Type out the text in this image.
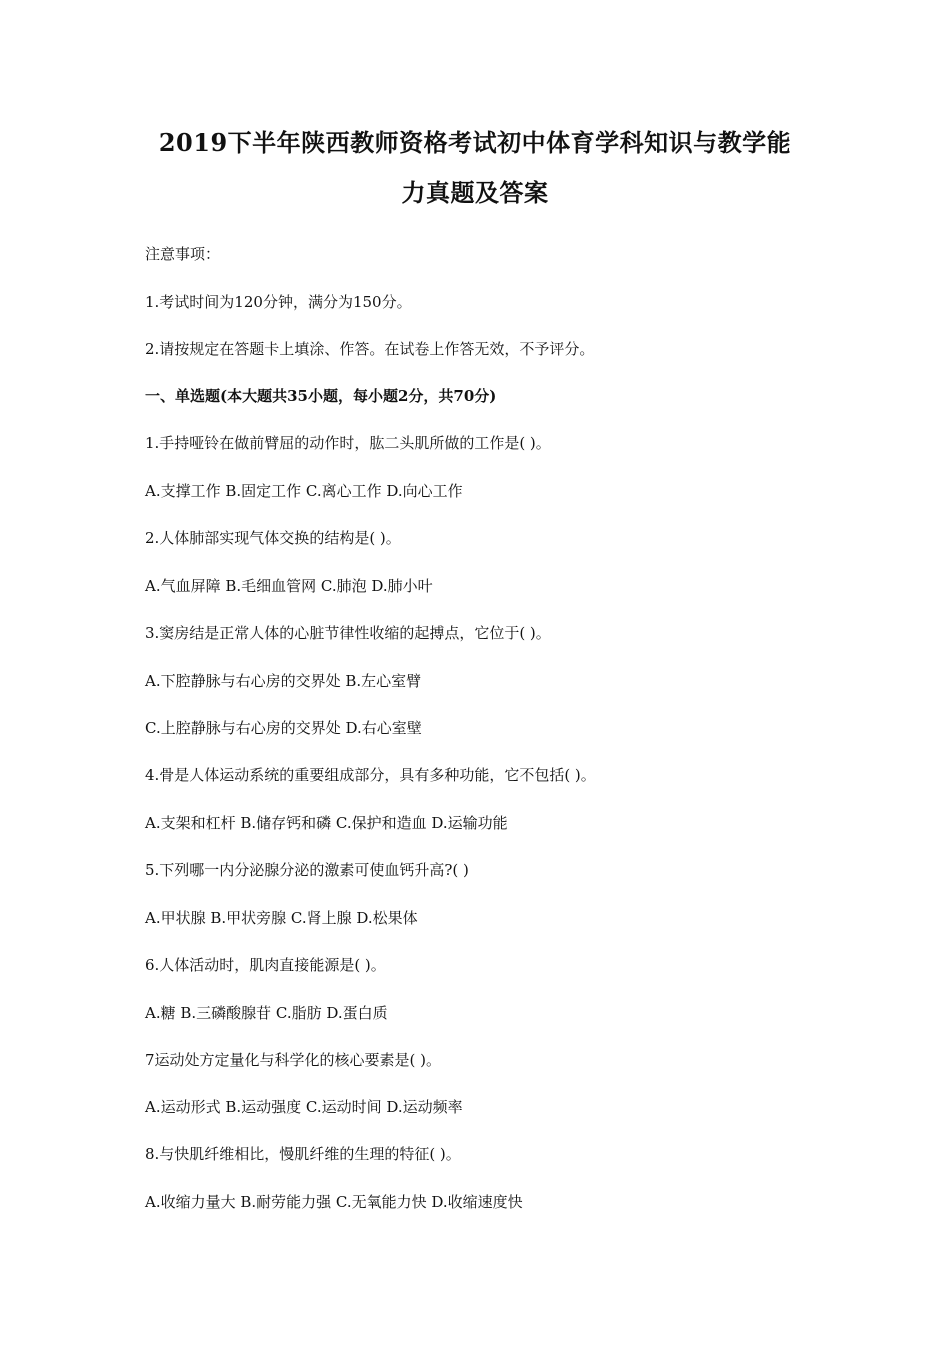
2019下半年陕西教师资格考试初中体育学科知识与教学能
力真题及答案
注意事项：
1.考试时间为120分钟，满分为150分。
2.请按规定在答题卡上填涂、作答。在试卷上作答无效，不予评分。
一、单选题(本大题共35小题，每小题2分，共70分)
1.手持哑铃在做前臂屈的动作时，肱二头肌所做的工作是( )。
A.支撑工作 B.固定工作 C.离心工作 D.向心工作
2.人体肺部实现气体交换的结构是( )。
A.气血屏障 B.毛细血管网 C.肺泡 D.肺小叶
3.窦房结是正常人体的心脏节律性收缩的起搏点，它位于( )。
A.下腔静脉与右心房的交界处 B.左心室臂
C.上腔静脉与右心房的交界处 D.右心室壁
4.骨是人体运动系统的重要组成部分，具有多种功能，它不包括( )。
A.支架和杠杆 B.储存钙和磷 C.保护和造血 D.运输功能
5.下列哪一内分泌腺分泌的激素可使血钙升高?( )
A.甲状腺 B.甲状旁腺 C.肾上腺 D.松果体
6.人体活动时，肌肉直接能源是( )。
A.糖 B.三磷酸腺苷 C.脂肪 D.蛋白质
7运动处方定量化与科学化的核心要素是( )。
A.运动形式 B.运动强度 C.运动时间 D.运动频率
8.与快肌纤维相比，慢肌纤维的生理的特征( )。
A.收缩力量大 B.耐劳能力强 C.无氧能力快 D.收缩速度快
